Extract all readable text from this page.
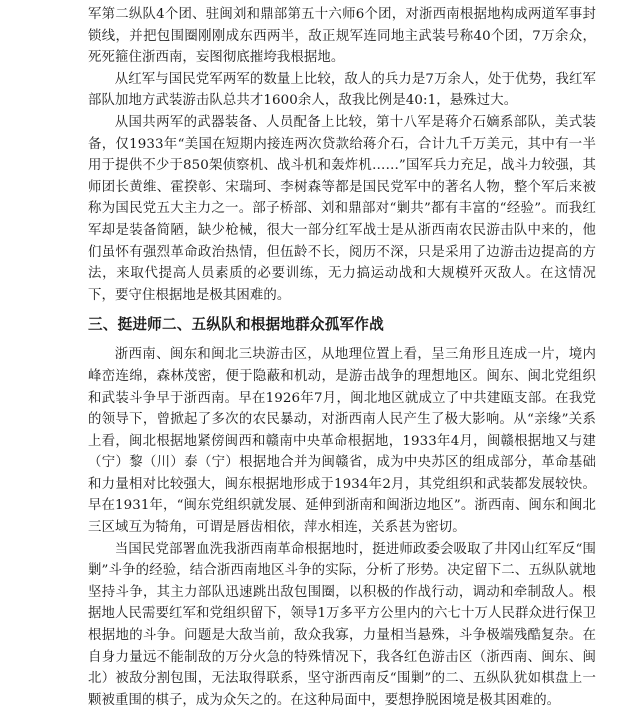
军第二纵队4个团、驻闽刘和鼎部第五十六师6个团，对浙西南根据地构成两道军事封锁线，并把包围圈刚刚成东西两半，敌正规军连同地主武装号称40个团，7万余众，死死箍住浙西南，妄图彻底摧垮我根据地。

从红军与国民党军两军的数量上比较，敌人的兵力是7万余人，处于优势，我红军部队加地方武装游击队总共才1600余人，敌我比例是40:1，悬殊过大。

从国共两军的武器装备、人员配备上比较，第十八军是蒋介石嫡系部队，美式装备，仅1933年“美国在短期内接连两次贷款给蒋介石，合计九千万美元，其中有一半用于提供不少于850架侦察机、战斗机和轰炸机……”国军兵力充足，战斗力较强，其师团长黄维、霍揆彰、宋瑞珂、李树森等都是国民党军中的著名人物，整个军后来被称为国民党五大主力之一。部子桥部、刘和鼎部对“剿共”都有丰富的“经验”。而我红军却是装备简陋，缺少枪械，很大一部分红军战士是从浙西南农民游击队中来的，他们虽怀有强烈革命政治热情，但伍龄不长，阅历不深，只是采用了边游击边提高的方法，来取代提高人员素质的必要训练，无力搞运动战和大规模歼灭敌人。在这情况下，要守住根据地是极其困难的。

三、挺进师二、五纵队和根据地群众孤军作战

浙西南、闽东和闽北三块游击区，从地理位置上看，呈三角形且连成一片，境内峰峦连绵，森林茂密，便于隐蔽和机动，是游击战争的理想地区。闽东、闽北党组织和武装斗争早于浙西南。早在1926年7月，闽北地区就成立了中共建瓯支部。在我党的领导下，曾掀起了多次的农民暴动，对浙西南人民产生了极大影响。从“亲缘”关系上看，闽北根据地紧傍闽西和赣南中央革命根据地，1933年4月，闽赣根据地又与建（宁）黎（川）泰（宁）根据地合并为闽赣省，成为中央苏区的组成部分，革命基础和力量相对比较强大，闽东根据地形成于1934年2月，其党组织和武装都发展较快。早在1931年，“闽东党组织就发展、延伸到浙南和闽浙边地区”。浙西南、闽东和闽北三区域互为犄角，可谓是唇齿相依，萍水相连，关系甚为密切。

当国民党部署血洗我浙西南革命根据地时，挺进师政委会吸取了井冈山红军反“围剿”斗争的经验，结合浙西南地区斗争的实际，分析了形势。决定留下二、五纵队就地坚持斗争，其主力部队迅速跳出敌包围圈，以积极的作战行动，调动和牵制敌人。根据地人民需要红军和党组织留下，领导1万多平方公里内的六七十万人民群众进行保卫根据地的斗争。问题是大敌当前，敌众我寡，力量相当悬殊，斗争极端残酷复杂。在自身力量远不能制敌的万分火急的特殊情况下，我各红色游击区（浙西南、闽东、闽北）被敌分割包围，无法取得联系，坚守浙西南反“围剿”的二、五纵队犹如棋盘上一颗被重围的棋子，成为众矢之的。在这种局面中，要想挣脱困境是极其困难的。
